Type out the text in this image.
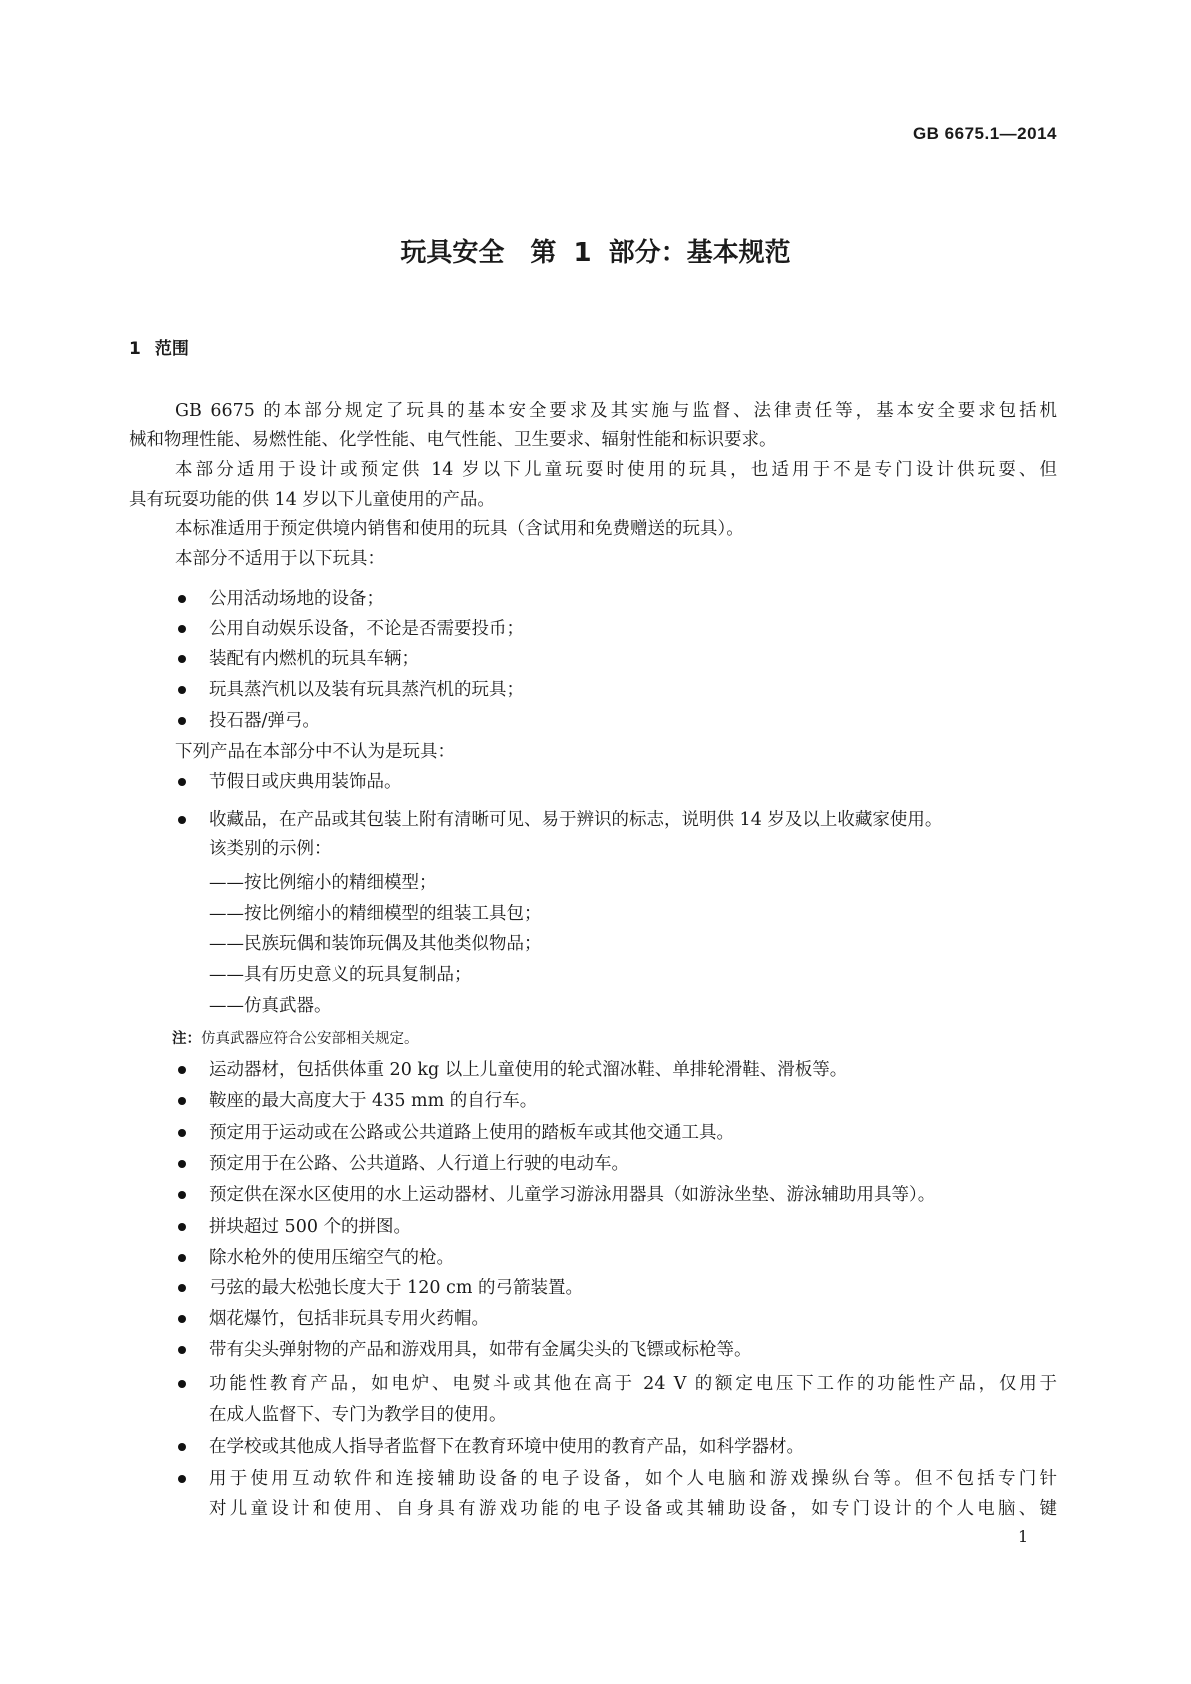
GB 6675.1—2014
玩具安全　第 1 部分：基本规范
1 范围
GB 6675 的本部分规定了玩具的基本安全要求及其实施与监督、法律责任等，基本安全要求包括机
械和物理性能、易燃性能、化学性能、电气性能、卫生要求、辐射性能和标识要求。
本部分适用于设计或预定供 14 岁以下儿童玩耍时使用的玩具，也适用于不是专门设计供玩耍、但
具有玩耍功能的供 14 岁以下儿童使用的产品。
本标准适用于预定供境内销售和使用的玩具（含试用和免费赠送的玩具）。
本部分不适用于以下玩具：
公用活动场地的设备；
公用自动娱乐设备，不论是否需要投币；
装配有内燃机的玩具车辆；
玩具蒸汽机以及装有玩具蒸汽机的玩具；
投石器/弹弓。
下列产品在本部分中不认为是玩具：
节假日或庆典用装饰品。
收藏品，在产品或其包装上附有清晰可见、易于辨识的标志，说明供 14 岁及以上收藏家使用。
该类别的示例：
——按比例缩小的精细模型；
——按比例缩小的精细模型的组装工具包；
——民族玩偶和装饰玩偶及其他类似物品；
——具有历史意义的玩具复制品；
——仿真武器。
注：仿真武器应符合公安部相关规定。
运动器材，包括供体重 20 kg 以上儿童使用的轮式溜冰鞋、单排轮滑鞋、滑板等。
鞍座的最大高度大于 435 mm 的自行车。
预定用于运动或在公路或公共道路上使用的踏板车或其他交通工具。
预定用于在公路、公共道路、人行道上行驶的电动车。
预定供在深水区使用的水上运动器材、儿童学习游泳用器具（如游泳坐垫、游泳辅助用具等）。
拼块超过 500 个的拼图。
除水枪外的使用压缩空气的枪。
弓弦的最大松弛长度大于 120 cm 的弓箭装置。
烟花爆竹，包括非玩具专用火药帽。
带有尖头弹射物的产品和游戏用具，如带有金属尖头的飞镖或标枪等。
功能性教育产品，如电炉、电熨斗或其他在高于 24 V 的额定电压下工作的功能性产品，仅用于
在成人监督下、专门为教学目的使用。
在学校或其他成人指导者监督下在教育环境中使用的教育产品，如科学器材。
用于使用互动软件和连接辅助设备的电子设备，如个人电脑和游戏操纵台等。但不包括专门针
对儿童设计和使用、自身具有游戏功能的电子设备或其辅助设备，如专门设计的个人电脑、键
1
